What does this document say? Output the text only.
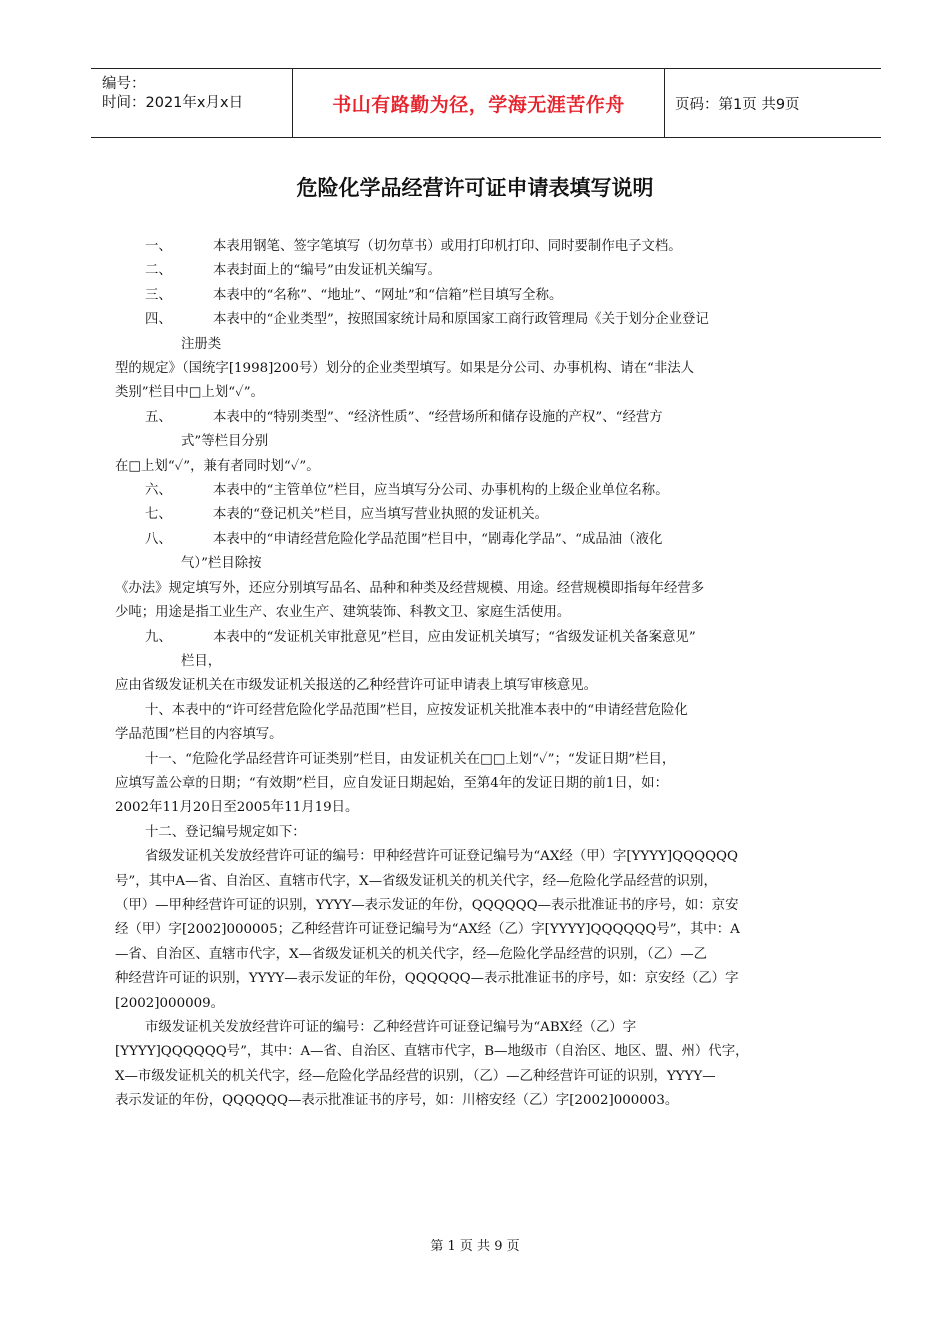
编号：
时间：2021年x月x日	书山有路勤为径，学海无涯苦作舟	页码：第1页 共9页
危险化学品经营许可证申请表填写说明
一、	本表用钢笔、签字笔填写（切勿草书）或用打印机打印、同时要制作电子文档。
二、	本表封面上的“编号”由发证机关编写。
三、	本表中的“名称”、“地址”、“网址”和“信箱”栏目填写全称。
四、	本表中的“企业类型”，按照国家统计局和原国家工商行政管理局《关于划分企业登记
注册类
型的规定》（国统字[1998]200号）划分的企业类型填写。如果是分公司、办事机构、请在“非法人
类别”栏目中□上划“✓”。
五、	本表中的“特别类型”、“经济性质”、“经营场所和储存设施的产权”、“经营方
式”等栏目分别
在□上划“✓”，兼有者同时划“✓”。
六、	本表中的“主管单位”栏目，应当填写分公司、办事机构的上级企业单位名称。
七、	本表的“登记机关”栏目，应当填写营业执照的发证机关。
八、	本表中的“申请经营危险化学品范围”栏目中，“剧毒化学品”、“成品油（液化
气）”栏目除按
《办法》规定填写外，还应分别填写品名、品种和种类及经营规模、用途。经营规模即指每年经营多
少吨；用途是指工业生产、农业生产、建筑装饰、科教文卫、家庭生活使用。
九、	本表中的“发证机关审批意见”栏目，应由发证机关填写；“省级发证机关备案意见”
栏目，
应由省级发证机关在市级发证机关报送的乙种经营许可证申请表上填写审核意见。
十、本表中的“许可经营危险化学品范围”栏目，应按发证机关批准本表中的“申请经营危险化
学品范围”栏目的内容填写。
十一、“危险化学品经营许可证类别”栏目，由发证机关在□□上划“✓”；“发证日期”栏目，
应填写盖公章的日期；“有效期”栏目，应自发证日期起始，至第4年的发证日期的前1日，如：
2002年11月20日至2005年11月19日。
十二、登记编号规定如下：
省级发证机关发放经营许可证的编号：甲种经营许可证登记编号为“AX经（甲）字[YYYY]QQQQQQ
号”，其中A—省、自治区、直辖市代字，X—省级发证机关的机关代字，经—危险化学品经营的识别，
（甲）—甲种经营许可证的识别，YYYY—表示发证的年份，QQQQQQ—表示批准证书的序号，如：京安
经（甲）字[2002]000005；乙种经营许可证登记编号为“AX经（乙）字[YYYY]QQQQQQ号”，其中：A
—省、自治区、直辖市代字，X—省级发证机关的机关代字，经—危险化学品经营的识别，（乙）—乙
种经营许可证的识别，YYYY—表示发证的年份，QQQQQQ—表示批准证书的序号，如：京安经（乙）字
[2002]000009。
市级发证机关发放经营许可证的编号：乙种经营许可证登记编号为“ABX经（乙）字
[YYYY]QQQQQQ号”，其中：A—省、自治区、直辖市代字，B—地级市（自治区、地区、盟、州）代字，
X—市级发证机关的机关代字，经—危险化学品经营的识别，（乙）—乙种经营许可证的识别，YYYY—
表示发证的年份，QQQQQQ—表示批准证书的序号，如：川榕安经（乙）字[2002]000003。
第 1 页 共 9 页
